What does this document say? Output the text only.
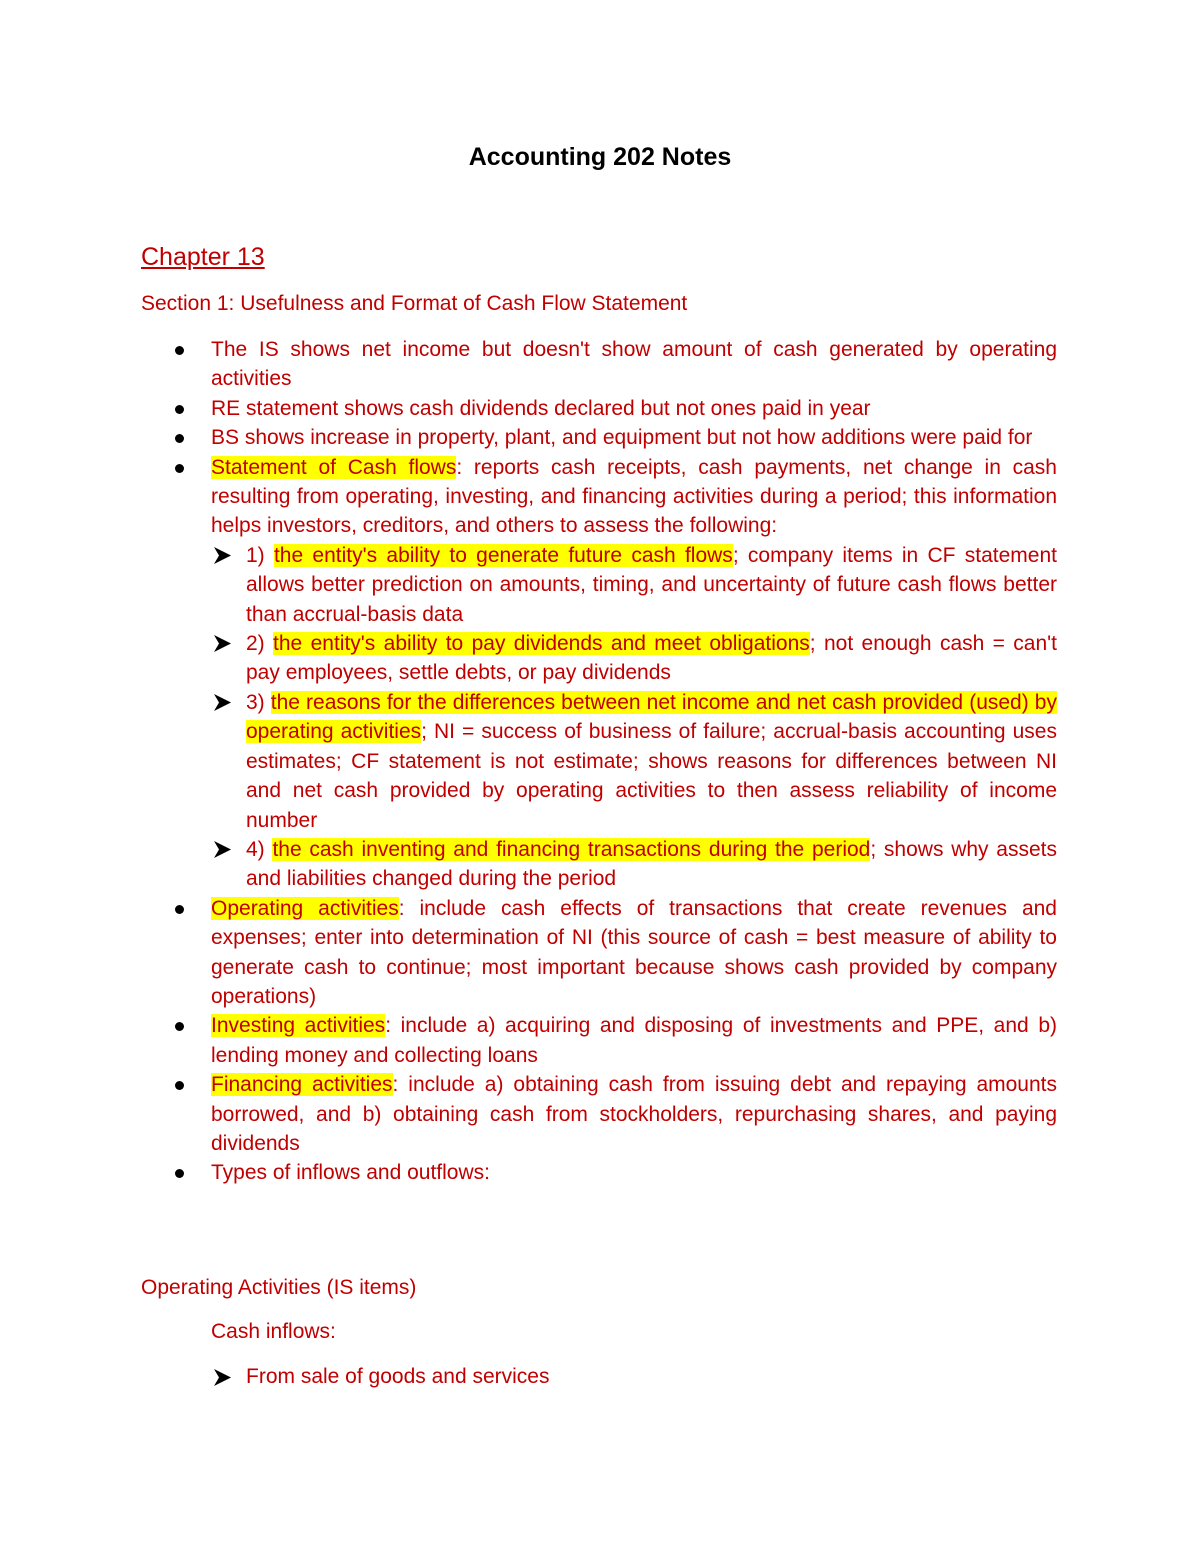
Accounting 202 Notes
Chapter 13
Section 1: Usefulness and Format of Cash Flow Statement
The IS shows net income but doesn't show amount of cash generated by operating activities
RE statement shows cash dividends declared but not ones paid in year
BS shows increase in property, plant, and equipment but not how additions were paid for
Statement of Cash flows: reports cash receipts, cash payments, net change in cash resulting from operating, investing, and financing activities during a period; this information helps investors, creditors, and others to assess the following:
1) the entity's ability to generate future cash flows; company items in CF statement allows better prediction on amounts, timing, and uncertainty of future cash flows better than accrual-basis data
2) the entity's ability to pay dividends and meet obligations; not enough cash = can't pay employees, settle debts, or pay dividends
3) the reasons for the differences between net income and net cash provided (used) by operating activities; NI = success of business of failure; accrual-basis accounting uses estimates; CF statement is not estimate; shows reasons for differences between NI and net cash provided by operating activities to then assess reliability of income number
4) the cash inventing and financing transactions during the period; shows why assets and liabilities changed during the period
Operating activities: include cash effects of transactions that create revenues and expenses; enter into determination of NI (this source of cash = best measure of ability to generate cash to continue; most important because shows cash provided by company operations)
Investing activities: include a) acquiring and disposing of investments and PPE, and b) lending money and collecting loans
Financing activities: include a) obtaining cash from issuing debt and repaying amounts borrowed, and b) obtaining cash from stockholders, repurchasing shares, and paying dividends
Types of inflows and outflows:
Operating Activities (IS items)
Cash inflows:
From sale of goods and services
